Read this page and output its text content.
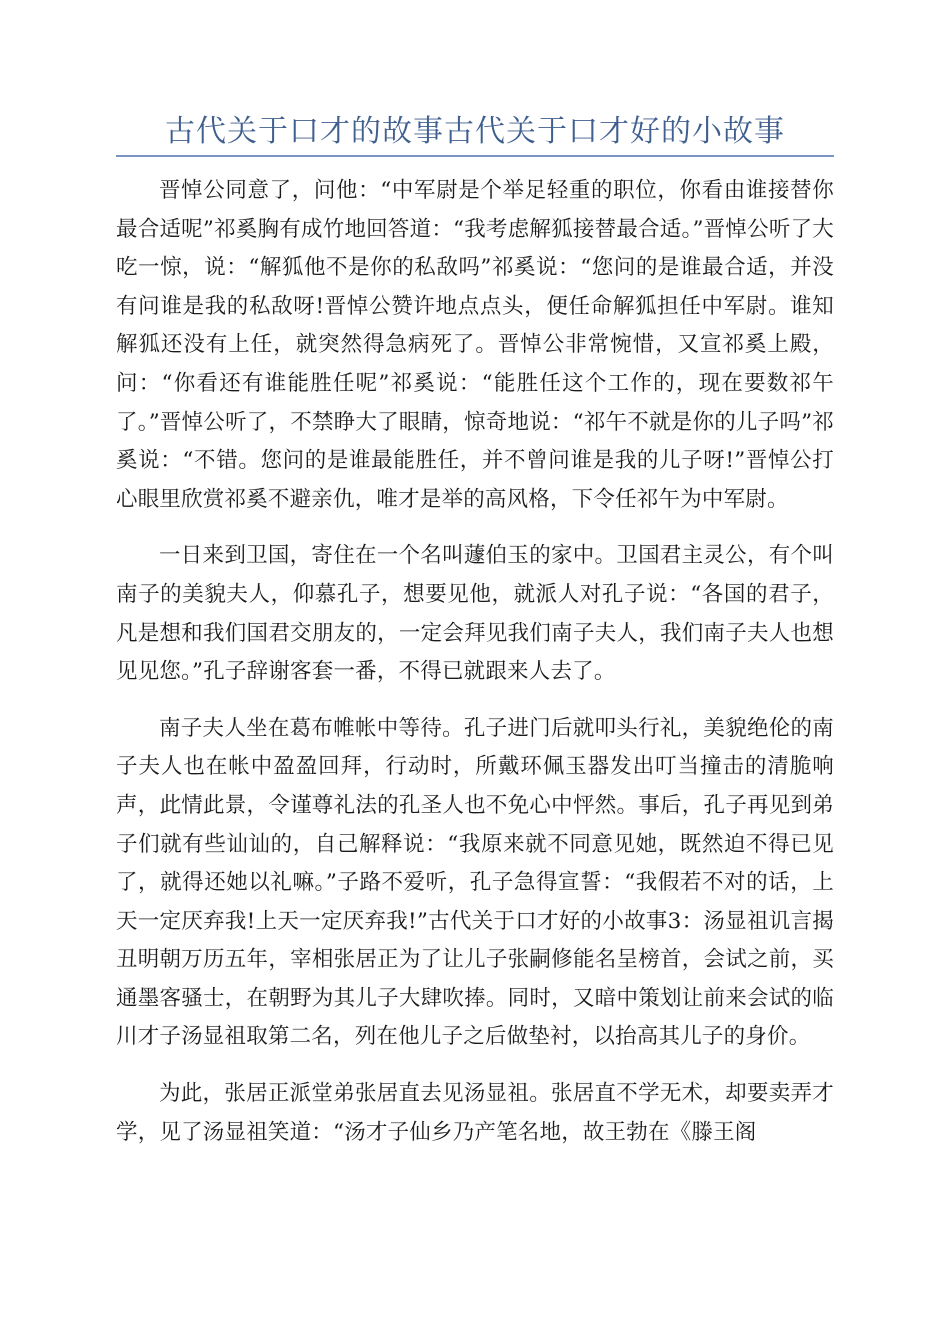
古代关于口才的故事古代关于口才好的小故事

晋悼公同意了，问他：“中军尉是个举足轻重的职位，你看由谁接替你最合适呢”祁奚胸有成竹地回答道：“我考虑解狐接替最合适。”晋悼公听了大吃一惊，说：“解狐他不是你的私敌吗”祁奚说：“您问的是谁最合适，并没有问谁是我的私敌呀!晋悼公赞许地点点头，便任命解狐担任中军尉。谁知解狐还没有上任，就突然得急病死了。晋悼公非常惋惜，又宣祁奚上殿，问：“你看还有谁能胜任呢”祁奚说：“能胜任这个工作的，现在要数祁午了。”晋悼公听了，不禁睁大了眼睛，惊奇地说：“祁午不就是你的儿子吗”祁奚说：“不错。您问的是谁最能胜任，并不曾问谁是我的儿子呀!”晋悼公打心眼里欣赏祁奚不避亲仇，唯才是举的高风格，下令任祁午为中军尉。

一日来到卫国，寄住在一个名叫蘧伯玉的家中。卫国君主灵公，有个叫南子的美貌夫人，仰慕孔子，想要见他，就派人对孔子说：“各国的君子，凡是想和我们国君交朋友的，一定会拜见我们南子夫人，我们南子夫人也想见见您。”孔子辞谢客套一番，不得已就跟来人去了。

南子夫人坐在葛布帷帐中等待。孔子进门后就叩头行礼，美貌绝伦的南子夫人也在帐中盈盈回拜，行动时，所戴环佩玉器发出叮当撞击的清脆响声，此情此景，令谨尊礼法的孔圣人也不免心中怦然。事后，孔子再见到弟子们就有些讪讪的，自己解释说：“我原来就不同意见她，既然迫不得已见了，就得还她以礼嘛。”子路不爱听，孔子急得宣誓：“我假若不对的话，上天一定厌弃我!上天一定厌弃我!”古代关于口才好的小故事3：汤显祖讥言揭丑明朝万历五年，宰相张居正为了让儿子张嗣修能名呈榜首，会试之前，买通墨客骚士，在朝野为其儿子大肆吹捧。同时，又暗中策划让前来会试的临川才子汤显祖取第二名，列在他儿子之后做垫衬，以抬高其儿子的身价。

为此，张居正派堂弟张居直去见汤显祖。张居直不学无术，却要卖弄才学，见了汤显祖笑道：“汤才子仙乡乃产笔名地，故王勃在《滕王阁
